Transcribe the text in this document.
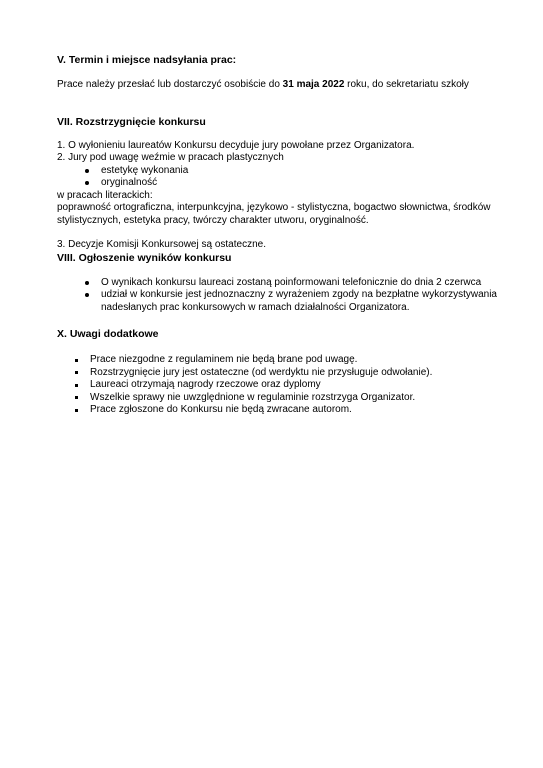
V. Termin i miejsce nadsyłania prac:

Prace należy przesłać lub dostarczyć osobiście do 31 maja 2022 roku, do sekretariatu szkoły

VII. Rozstrzygnięcie konkursu

1. O wyłonieniu laureatów Konkursu decyduje jury powołane przez Organizatora.

2. Jury pod uwagę weźmie w pracach plastycznych

estetykę wykonania
oryginalność

w pracach literackich:

poprawność ortograficzna, interpunkcyjna, językowo - stylistyczna, bogactwo słownictwa, środków stylistycznych, estetyka pracy, twórczy charakter utworu, oryginalność.

3. Decyzje Komisji Konkursowej są ostateczne.

VIII. Ogłoszenie wyników konkursu
O wynikach konkursu laureaci zostaną poinformowani telefonicznie do dnia 2 czerwca
udział w konkursie jest jednoznaczny z wyrażeniem zgody na bezpłatne wykorzystywania nadesłanych prac konkursowych w ramach działalności Organizatora.
X. Uwagi dodatkowe
Prace niezgodne z regulaminem nie będą brane pod uwagę.
Rozstrzygnięcie jury jest ostateczne (od werdyktu nie przysługuje odwołanie).
Laureaci otrzymają nagrody rzeczowe oraz dyplomy
Wszelkie sprawy nie uwzględnione w regulaminie rozstrzyga Organizator.
Prace zgłoszone do Konkursu nie będą zwracane autorom.
